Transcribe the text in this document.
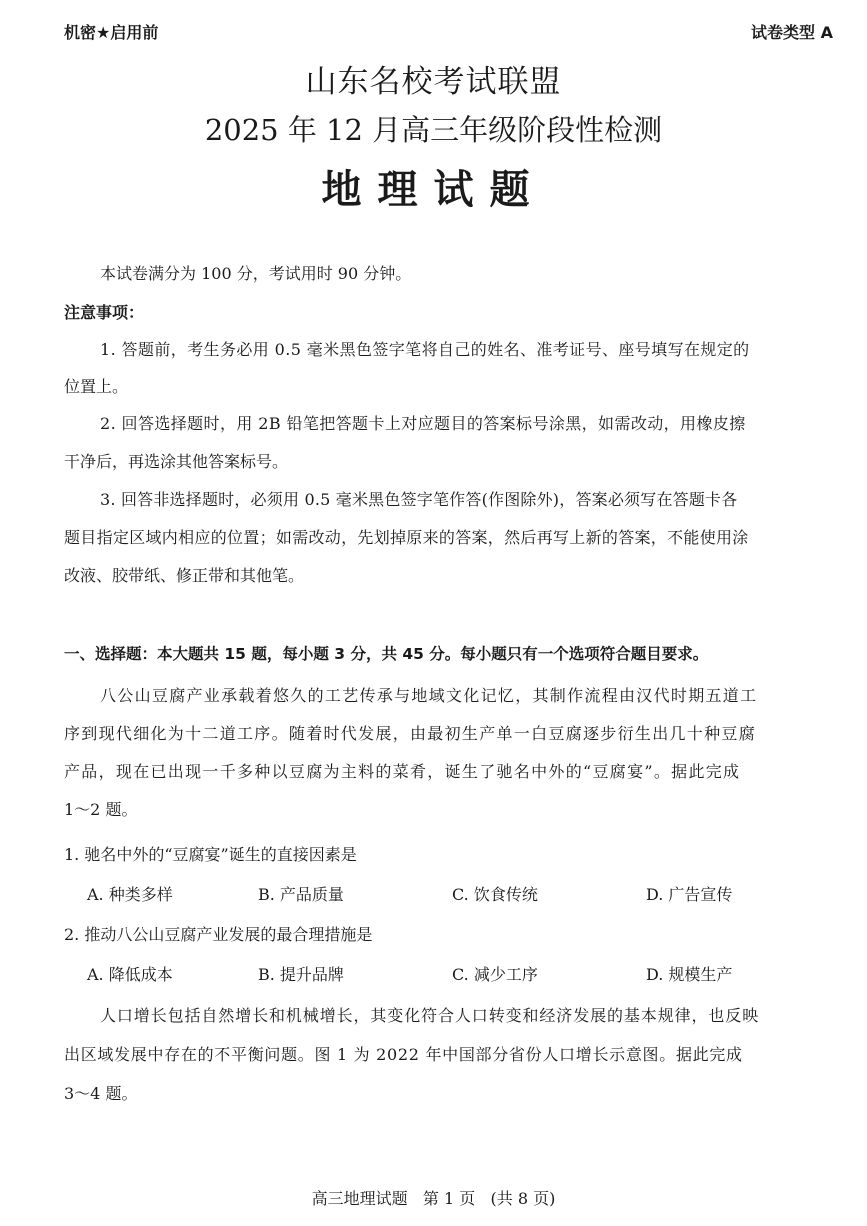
机密★启用前	试卷类型 A
山东名校考试联盟
2025 年 12 月高三年级阶段性检测
地理试题
本试卷满分为 100 分，考试用时 90 分钟。
注意事项：
1. 答题前，考生务必用 0.5 毫米黑色签字笔将自己的姓名、准考证号、座号填写在规定的
位置上。
2. 回答选择题时，用 2B 铅笔把答题卡上对应题目的答案标号涂黑，如需改动，用橡皮擦
干净后，再选涂其他答案标号。
3. 回答非选择题时，必须用 0.5 毫米黑色签字笔作答(作图除外)，答案必须写在答题卡各
题目指定区域内相应的位置；如需改动，先划掉原来的答案，然后再写上新的答案，不能使用涂
改液、胶带纸、修正带和其他笔。
一、选择题：本大题共 15 题，每小题 3 分，共 45 分。每小题只有一个选项符合题目要求。
八公山豆腐产业承载着悠久的工艺传承与地域文化记忆，其制作流程由汉代时期五道工
序到现代细化为十二道工序。随着时代发展，由最初生产单一白豆腐逐步衍生出几十种豆腐
产品，现在已出现一千多种以豆腐为主料的菜肴，诞生了驰名中外的“豆腐宴”。据此完成
1～2 题。
1. 驰名中外的“豆腐宴”诞生的直接因素是
A. 种类多样	B. 产品质量	C. 饮食传统	D. 广告宣传
2. 推动八公山豆腐产业发展的最合理措施是
A. 降低成本	B. 提升品牌	C. 减少工序	D. 规模生产
人口增长包括自然增长和机械增长，其变化符合人口转变和经济发展的基本规律，也反映
出区域发展中存在的不平衡问题。图 1 为 2022 年中国部分省份人口增长示意图。据此完成
3～4 题。
高三地理试题   第 1 页   (共 8 页)
